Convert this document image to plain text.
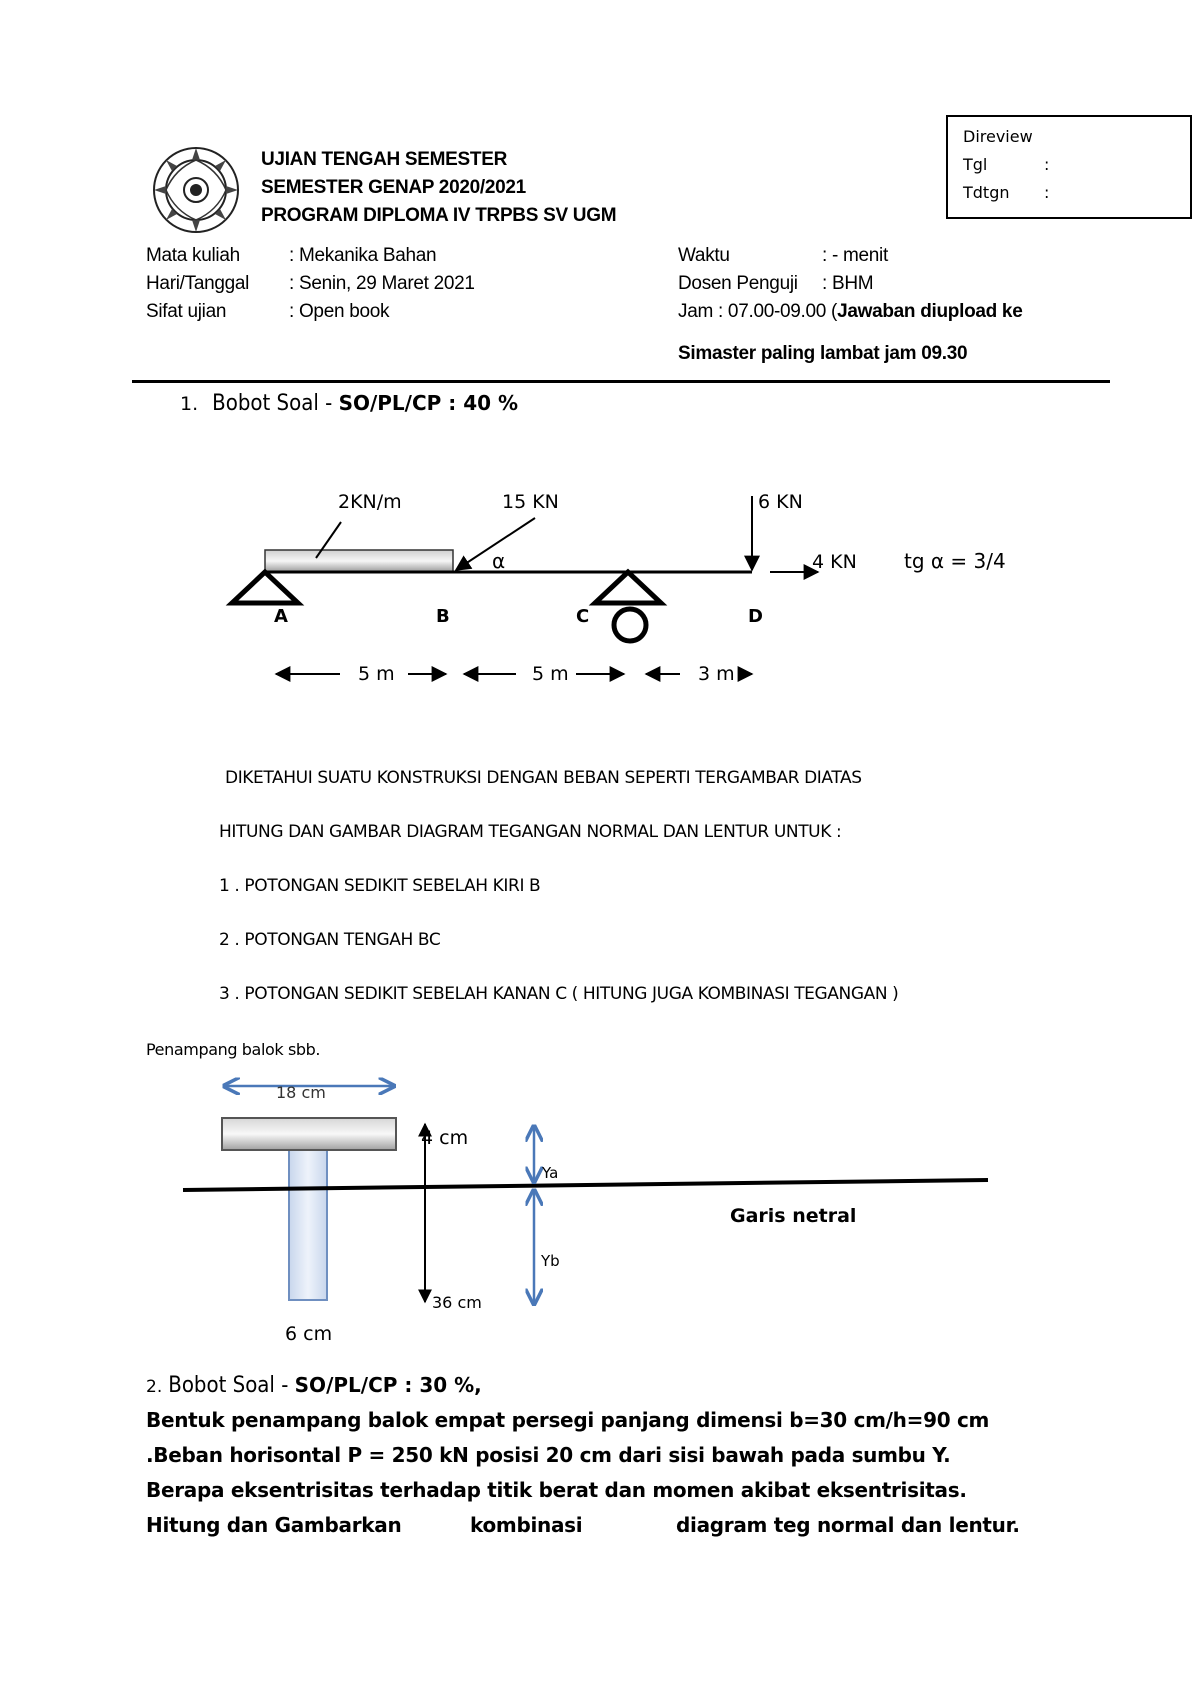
UJIAN TENGAH SEMESTER
SEMESTER GENAP 2020/2021
PROGRAM DIPLOMA IV TRPBS SV UGM
Direview
Tgl	:
Tdtgn :
Mata kuliah	: Mekanika Bahan
Hari/Tanggal : Senin, 29 Maret 2021
Sifat ujian	: Open book
Waktu	: - menit
Dosen Penguji : BHM
Jam : 07.00-09.00 (Jawaban diupload ke
Simaster paling lambat jam 09.30
1. Bobot Soal - SO/PL/CP : 40 %
2KN/m	15 KN	6 KN
4 KN
α	tg α = 3/4
A	B	C	D
5 m	5 m	3 m
DIKETAHUI SUATU KONSTRUKSI DENGAN BEBAN SEPERTI TERGAMBAR DIATAS
HITUNG DAN GAMBAR DIAGRAM TEGANGAN NORMAL DAN LENTUR UNTUK :
1 . POTONGAN SEDIKIT SEBELAH KIRI B
2 . POTONGAN TENGAH BC
3 . POTONGAN SEDIKIT SEBELAH KANAN C ( HITUNG JUGA KOMBINASI TEGANGAN )
Penampang balok sbb.
18 cm
4 cm
Ya
Yb
Garis netral
36 cm
6 cm
2. Bobot Soal - SO/PL/CP : 30 %,
Bentuk penampang balok empat persegi panjang dimensi b=30 cm/h=90 cm
.Beban horisontal P = 250 kN posisi 20 cm dari sisi bawah pada sumbu Y.
Berapa eksentrisitas terhadap titik berat dan momen akibat eksentrisitas.
Hitung dan Gambarkan	kombinasi	diagram teg normal dan lentur.
